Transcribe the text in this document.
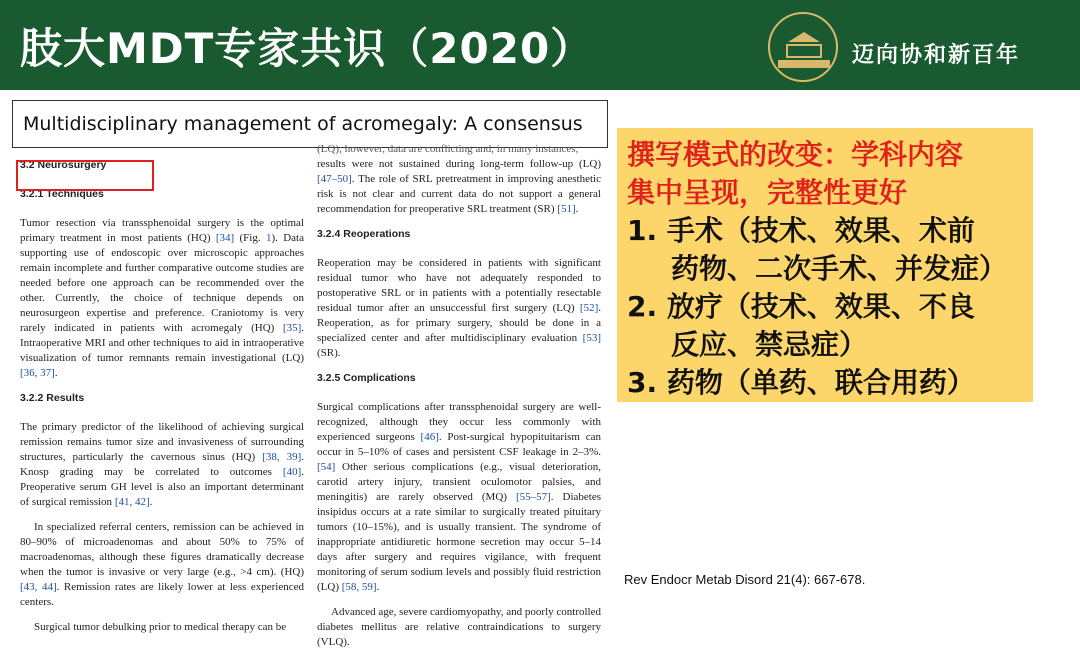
肢大MDT专家共识（2020）	迈向协和新百年
Multidisciplinary management of acromegaly: A consensus
3.2 Neurosurgery
3.2.1 Techniques

Tumor resection via transsphenoidal surgery is the optimal primary treatment in most patients (HQ) [34] (Fig. 1). Data supporting use of endoscopic over microscopic approaches remain incomplete and further comparative outcome studies are needed before one approach can be recommended over the other. Currently, the choice of technique depends on neurosurgeon expertise and preference. Craniotomy is very rarely indicated in patients with acromegaly (HQ) [35]. Intraoperative MRI and other techniques to aid in intraoperative visualization of tumor remnants remain investigational (LQ) [36, 37].

3.2.2 Results

The primary predictor of the likelihood of achieving surgical remission remains tumor size and invasiveness of surrounding structures, particularly the cavernous sinus (HQ) [38, 39]. Knosp grading may be correlated to outcomes [40]. Preoperative serum GH level is also an important determinant of surgical remission [41, 42].

In specialized referral centers, remission can be achieved in 80–90% of microadenomas and about 50% to 75% of macroadenomas, although these figures dramatically decrease when the tumor is invasive or very large (e.g., >4 cm). (HQ) [43, 44]. Remission rates are likely lower at less experienced centers.

Surgical tumor debulking prior to medical therapy can be

(LQ); however, data are conflicting and, in many instances,

results were not sustained during long-term follow-up (LQ) [47–50]. The role of SRL pretreatment in improving anesthetic risk is not clear and current data do not support a general recommendation for preoperative SRL treatment (SR) [51].

3.2.4 Reoperations

Reoperation may be considered in patients with significant residual tumor who have not adequately responded to postoperative SRL or in patients with a potentially resectable residual tumor after an unsuccessful first surgery (LQ) [52]. Reoperation, as for primary surgery, should be done in a specialized center and after multidisciplinary evaluation [53] (SR).

3.2.5 Complications

Surgical complications after transsphenoidal surgery are well-recognized, although they occur less commonly with experienced surgeons [46]. Post-surgical hypopituitarism can occur in 5–10% of cases and persistent CSF leakage in 2–3%. [54] Other serious complications (e.g., visual deterioration, carotid artery injury, transient oculomotor palsies, and meningitis) are rarely observed (MQ) [55–57]. Diabetes insipidus occurs at a rate similar to surgically treated pituitary tumors (10–15%), and is usually transient. The syndrome of inappropriate antidiuretic hormone secretion may occur 5–14 days after surgery and requires vigilance, with frequent monitoring of serum sodium levels and possibly fluid restriction (LQ) [58, 59].

Advanced age, severe cardiomyopathy, and poorly controlled diabetes mellitus are relative contraindications to surgery (VLQ).

撰写模式的改变：学科内容
集中呈现，完整性更好
1. 手术（技术、效果、术前
药物、二次手术、并发症）
2. 放疗（技术、效果、不良
反应、禁忌症）
3. 药物（单药、联合用药）
Rev Endocr Metab Disord 21(4): 667-678.
